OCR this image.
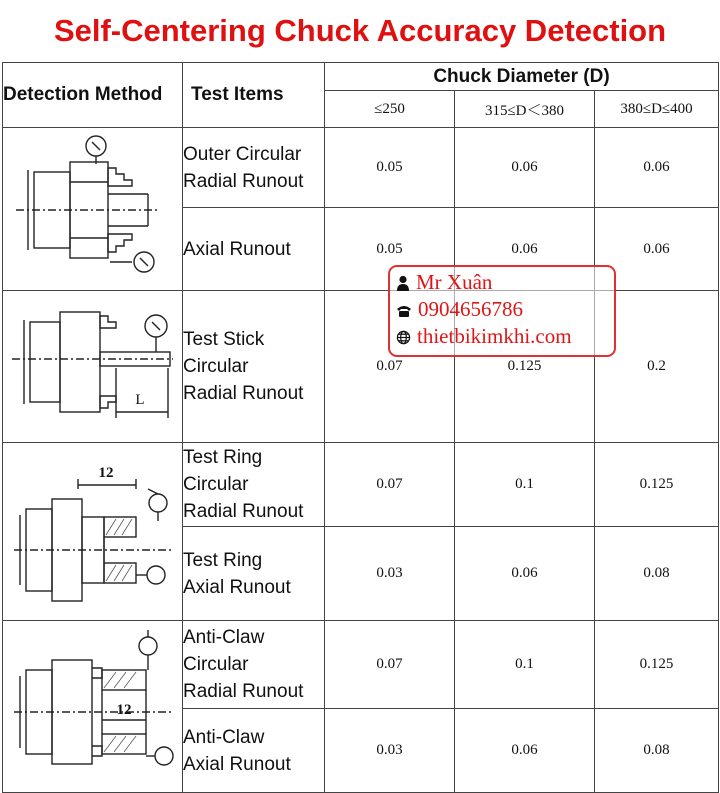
Self-Centering Chuck Accuracy Detection
Detection Method	Test Items	Chuck Diameter (D)		
		≤250	315≤D＜380	380≤D≤400

Outer Circular
Radial Runout	0.05	0.06	0.06

	Axial Runout	0.05	0.06	0.06

L	Test Stick
Circular
Radial Runout	0.07	0.125	0.2

12	Test Ring
Circular
Radial Runout	0.07	0.1	0.125

	Test Ring
Axial Runout	0.03	0.06	0.08

12	Anti-Claw
Circular
Radial Runout	0.07	0.1	0.125

	Anti-Claw
Axial Runout	0.03	0.06	0.08
Mr Xuân
0904656786
thietbikimkhi.com
